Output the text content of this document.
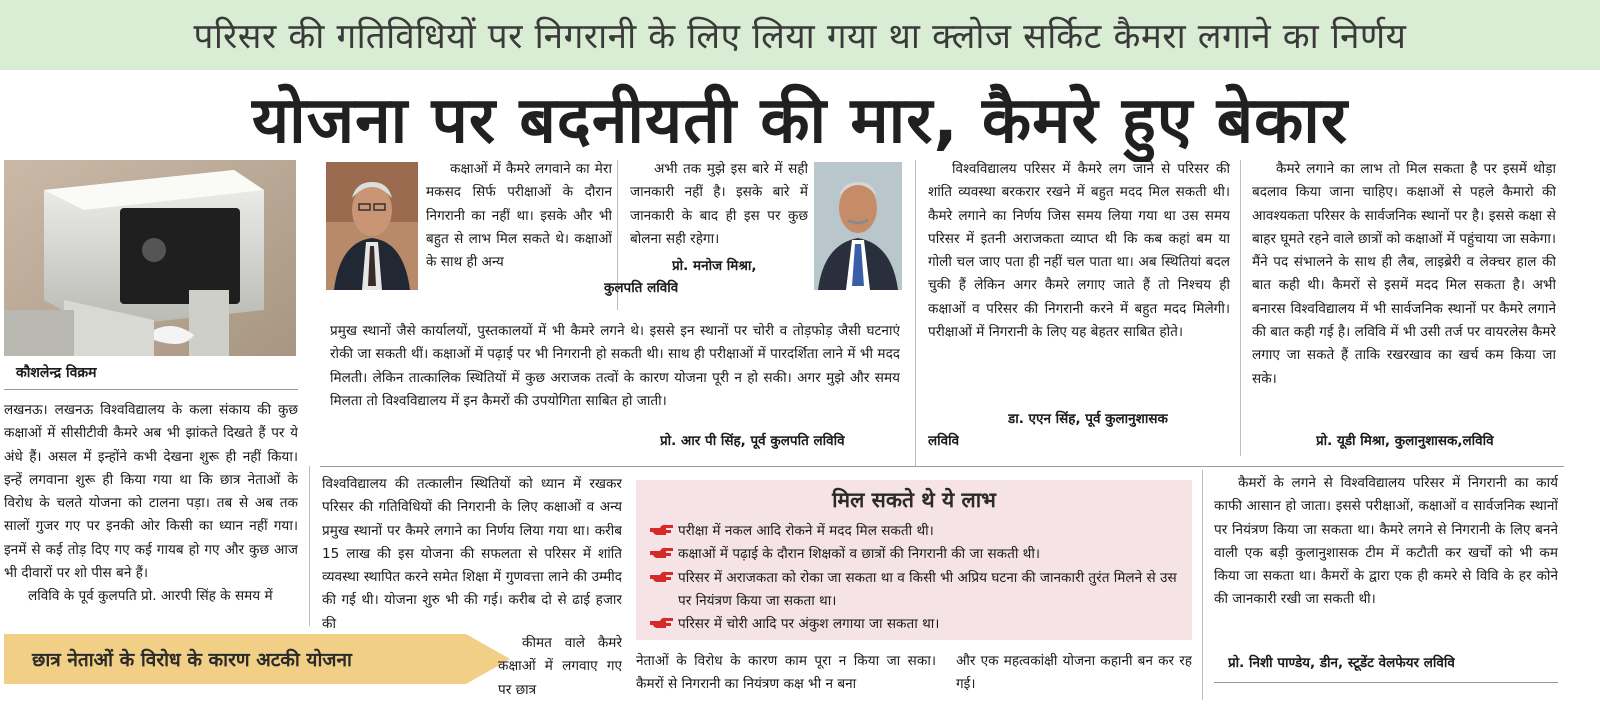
परिसर की गतिविधियों पर निगरानी के लिए लिया गया था क्लोज सर्किट कैमरा लगाने का निर्णय
योजना पर बदनीयती की मार, कैमरे हुए बेकार
कौशलेन्द्र विक्रम

लखनऊ। लखनऊ विश्वविद्यालय के कला संकाय की कुछ कक्षाओं में सीसीटीवी कैमरे अब भी झांकते दिखते हैं पर ये अंधे हैं। असल में इन्होंने कभी देखना शुरू ही नहीं किया। इन्हें लगवाना शुरू ही किया गया था कि छात्र नेताओं के विरोध के चलते योजना को टालना पड़ा। तब से अब तक सालों गुजर गए पर इनकी ओर किसी का ध्यान नहीं गया। इनमें से कई तोड़ दिए गए कई गायब हो गए और कुछ आज भी दीवारों पर शो पीस बने हैं।

लविवि के पूर्व कुलपति प्रो. आरपी सिंह के समय में

छात्र नेताओं के विरोध के कारण अटकी योजना

कक्षाओं में कैमरे लगवाने का मेरा मकसद सिर्फ परीक्षाओं के दौरान निगरानी का नहीं था। इसके और भी बहुत से लाभ मिल सकते थे। कक्षाओं के साथ ही अन्य

प्रमुख स्थानों जैसे कार्यालयों, पुस्तकालयों में भी कैमरे लगने थे। इससे इन स्थानों पर चोरी व तोड़फोड़ जैसी घटनाएं रोकी जा सकती थीं। कक्षाओं में पढ़ाई पर भी निगरानी हो सकती थी। साथ ही परीक्षाओं में पारदर्शिता लाने में भी मदद मिलती। लेकिन तात्कालिक स्थितियों में कुछ अराजक तत्वों के कारण योजना पूरी न हो सकी। अगर मुझे और समय मिलता तो विश्वविद्यालय में इन कैमरों की उपयोगिता साबित हो जाती।

प्रो. आर पी सिंह, पूर्व कुलपति लविवि

अभी तक मुझे इस बारे में सही जानकारी नहीं है। इसके बारे में जानकारी के बाद ही इस पर कुछ बोलना सही रहेगा।

प्रो. मनोज मिश्रा,
कुलपति लविवि

विश्वविद्यालय परिसर में कैमरे लग जाने से परिसर की शांति व्यवस्था बरकरार रखने में बहुत मदद मिल सकती थी। कैमरे लगाने का निर्णय जिस समय लिया गया था उस समय परिसर में इतनी अराजकता व्याप्त थी कि कब कहां बम या गोली चल जाए पता ही नहीं चल पाता था। अब स्थितियां बदल चुकी हैं लेकिन अगर कैमरे लगाए जाते हैं तो निश्चय ही कक्षाओं व परिसर की निगरानी करने में बहुत मदद मिलेगी। परीक्षाओं में निगरानी के लिए यह बेहतर साबित होते।

डा. एएन सिंह, पूर्व कुलानुशासक
लविवि

कैमरे लगाने का लाभ तो मिल सकता है पर इसमें थोड़ा बदलाव किया जाना चाहिए। कक्षाओं से पहले कैमारो की आवश्यकता परिसर के सार्वजनिक स्थानों पर है। इससे कक्षा से बाहर घूमते रहने वाले छात्रों को कक्षाओं में पहुंचाया जा सकेगा। मैंने पद संभालने के साथ ही लैब, लाइब्रेरी व लेक्चर हाल की बात कही थी। कैमरों से इसमें मदद मिल सकता है। अभी बनारस विश्वविद्यालय में भी सार्वजनिक स्थानों पर कैमरे लगाने की बात कही गई है। लविवि में भी उसी तर्ज पर वायरलेस कैमरे लगाए जा सकते हैं ताकि रखरखाव का खर्च कम किया जा सके।

प्रो. यूडी मिश्रा, कुलानुशासक,लविवि

विश्वविद्यालय की तत्कालीन स्थितियों को ध्यान में रखकर परिसर की गतिविधियों की निगरानी के लिए कक्षाओं व अन्य प्रमुख स्थानों पर कैमरे लगाने का निर्णय लिया गया था। करीब 15 लाख की इस योजना की सफलता से परिसर में शांति व्यवस्था स्थापित करने समेत शिक्षा में गुणवत्ता लाने की उम्मीद की गई थी। योजना शुरु भी की गई। करीब दो से ढाई हजार की

कीमत वाले कैमरे कक्षाओं में लगवाए गए पर छात्र

मिल सकते थे ये लाभ
परीक्षा में नकल आदि रोकने में मदद मिल सकती थी।
कक्षाओं में पढ़ाई के दौरान शिक्षकों व छात्रों की निगरानी की जा सकती थी।
परिसर में अराजकता को रोका जा सकता था व किसी भी अप्रिय घटना की जानकारी तुरंत मिलने से उस पर नियंत्रण किया जा सकता था।
परिसर में चोरी आदि पर अंकुश लगाया जा सकता था।

नेताओं के विरोध के कारण काम पूरा न किया जा सका। कैमरों से निगरानी का नियंत्रण कक्ष भी न बना

और एक महत्वकांक्षी योजना कहानी बन कर रह गई।

कैमरों के लगने से विश्वविद्यालय परिसर में निगरानी का कार्य काफी आसान हो जाता। इससे परीक्षाओं, कक्षाओं व सार्वजनिक स्थानों पर नियंत्रण किया जा सकता था। कैमरे लगने से निगरानी के लिए बनने वाली एक बड़ी कुलानुशासक टीम में कटौती कर खर्चों को भी कम किया जा सकता था। कैमरों के द्वारा एक ही कमरे से विवि के हर कोने की जानकारी रखी जा सकती थी।

प्रो. निशी पाण्डेय, डीन, स्टूडेंट वेलफेयर लविवि
